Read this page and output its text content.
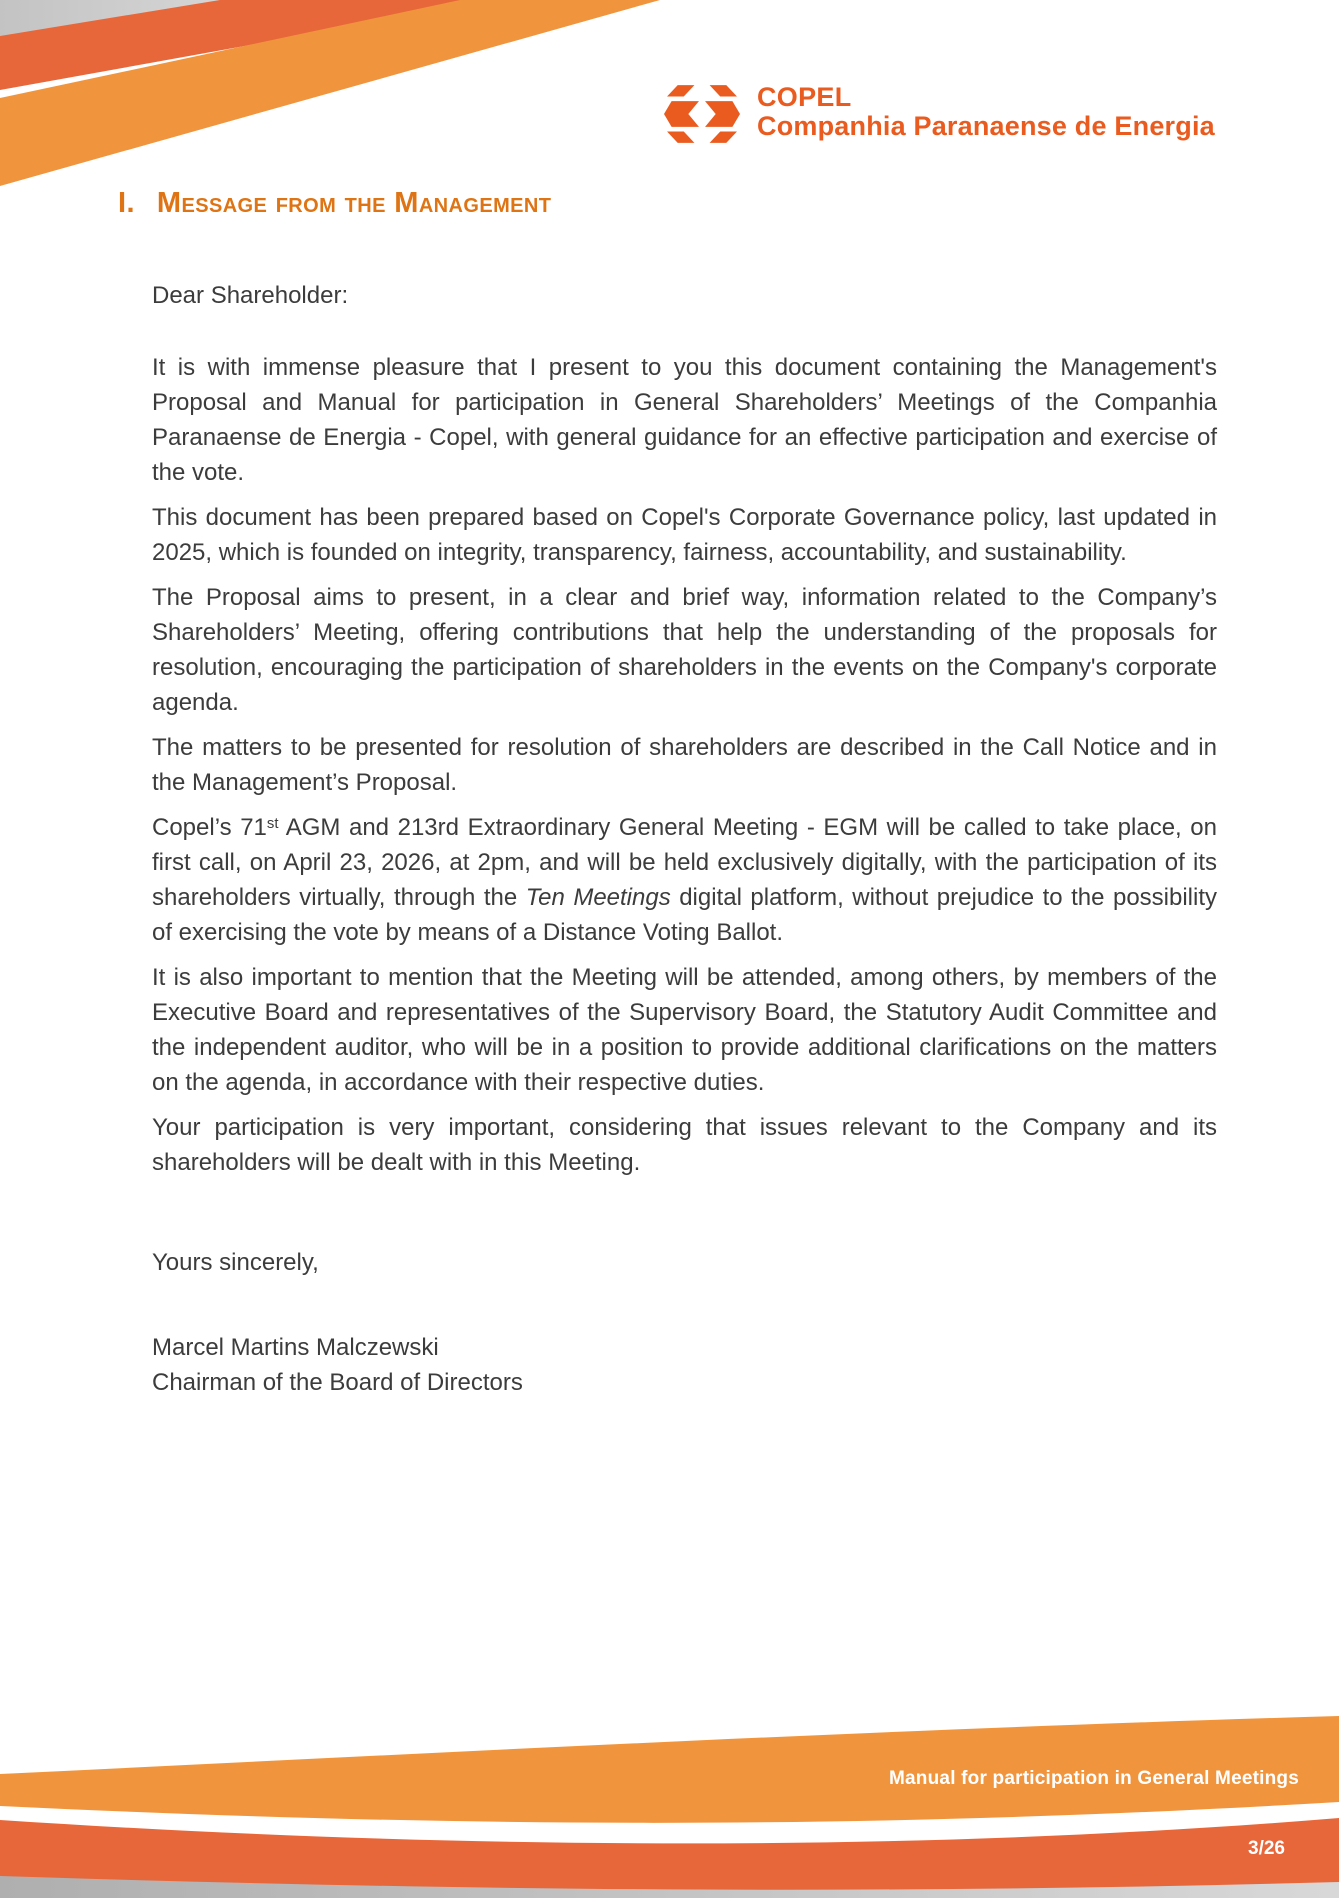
COPEL
Companhia Paranaense de Energia
I. Message from the Management

Dear Shareholder:

It is with immense pleasure that I present to you this document containing the Management's Proposal and Manual for participation in General Shareholders’ Meetings of the Companhia Paranaense de Energia - Copel, with general guidance for an effective participation and exercise of the vote.

This document has been prepared based on Copel's Corporate Governance policy, last updated in 2025, which is founded on integrity, transparency, fairness, accountability, and sustainability.

The Proposal aims to present, in a clear and brief way, information related to the Company’s Shareholders’ Meeting, offering contributions that help the understanding of the proposals for resolution, encouraging the participation of shareholders in the events on the Company's corporate agenda.

The matters to be presented for resolution of shareholders are described in the Call Notice and in the Management’s Proposal.

Copel’s 71st AGM and 213rd Extraordinary General Meeting - EGM will be called to take place, on first call, on April 23, 2026, at 2pm, and will be held exclusively digitally, with the participation of its shareholders virtually, through the Ten Meetings digital platform, without prejudice to the possibility of exercising the vote by means of a Distance Voting Ballot.

It is also important to mention that the Meeting will be attended, among others, by members of the Executive Board and representatives of the Supervisory Board, the Statutory Audit Committee and the independent auditor, who will be in a position to provide additional clarifications on the matters on the agenda, in accordance with their respective duties.

Your participation is very important, considering that issues relevant to the Company and its shareholders will be dealt with in this Meeting.

Yours sincerely,

Marcel Martins Malczewski

Chairman of the Board of Directors

Manual for participation in General Meetings
3/26
